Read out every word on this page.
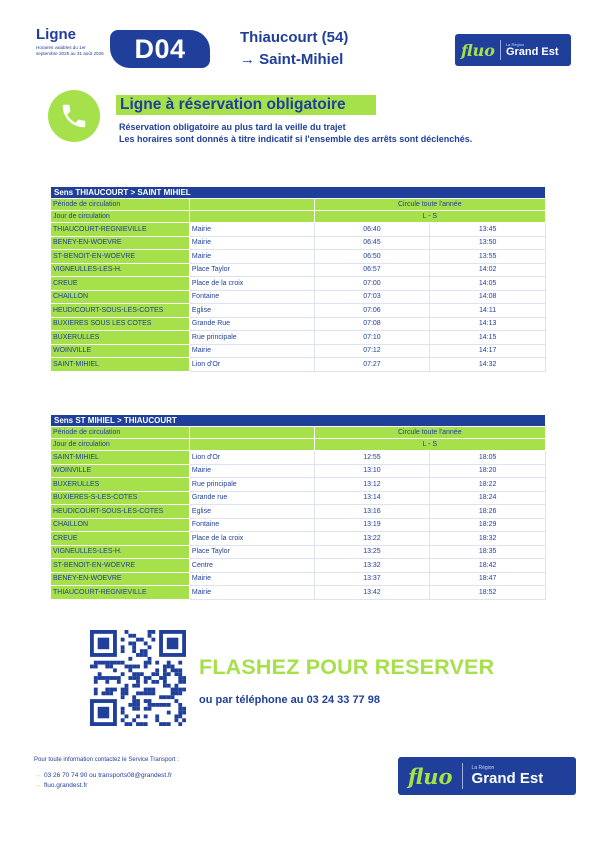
Ligne
Horaires valables du 1er septembre 2025 au 31 août 2026	D04	Thiaucourt (54)
→ Saint-Mihiel	fluo	La Région
Grand Est
Ligne à réservation obligatoire
Réservation obligatoire au plus tard la veille du trajet
Les horaires sont donnés à titre indicatif si l'ensemble des arrêts sont déclenchés.
Sens THIAUCOURT > SAINT MIHIEL			
Période de circulation		Circule toute l'année	
Jour de circulation		L - S	
THIAUCOURT-REGNIEVILLE	Mairie	06:40	13:45
BENEY-EN-WOEVRE	Mairie	06:45	13:50
ST-BENOIT-EN-WOEVRE	Mairie	06:50	13:55
VIGNEULLES-LES-H.	Place Taylor	06:57	14:02
CREUE	Place de la croix	07:00	14:05
CHAILLON	Fontaine	07:03	14:08
HEUDICOURT-SOUS-LES-COTES	Eglise	07:06	14:11
BUXIERES SOUS LES COTES	Grande Rue	07:08	14:13
BUXERULLES	Rue principale	07:10	14:15
WOINVILLE	Mairie	07:12	14:17
SAINT-MIHIEL	Lion d'Or	07:27	14:32
Sens ST MIHIEL > THIAUCOURT			
Période de circulation		Circule toute l'année	
Jour de circulation		L - S	
SAINT-MIHIEL	Lion d'Or	12:55	18:05
WOINVILLE	Mairie	13:10	18:20
BUXERULLES	Rue principale	13:12	18:22
BUXIERES-S-LES-COTES	Grande rue	13:14	18:24
HEUDICOURT-SOUS-LES-COTES	Eglise	13:16	18:26
CHAILLON	Fontaine	13:19	18:29
CREUE	Place de la croix	13:22	18:32
VIGNEULLES-LES-H.	Place Taylor	13:25	18:35
ST-BENOIT-EN-WOEVRE	Centre	13:32	18:42
BENEY-EN-WOEVRE	Mairie	13:37	18:47
THIAUCOURT-REGNIEVILLE	Mairie	13:42	18:52
FLASHEZ POUR RESERVER
ou par téléphone au 03 24 33 77 98
Pour toute information contactez le Service Transport :
→ 03 26 70 74 90 ou transports08@grandest.fr
→ fluo.grandest.fr	fluo	La Région
Grand Est
